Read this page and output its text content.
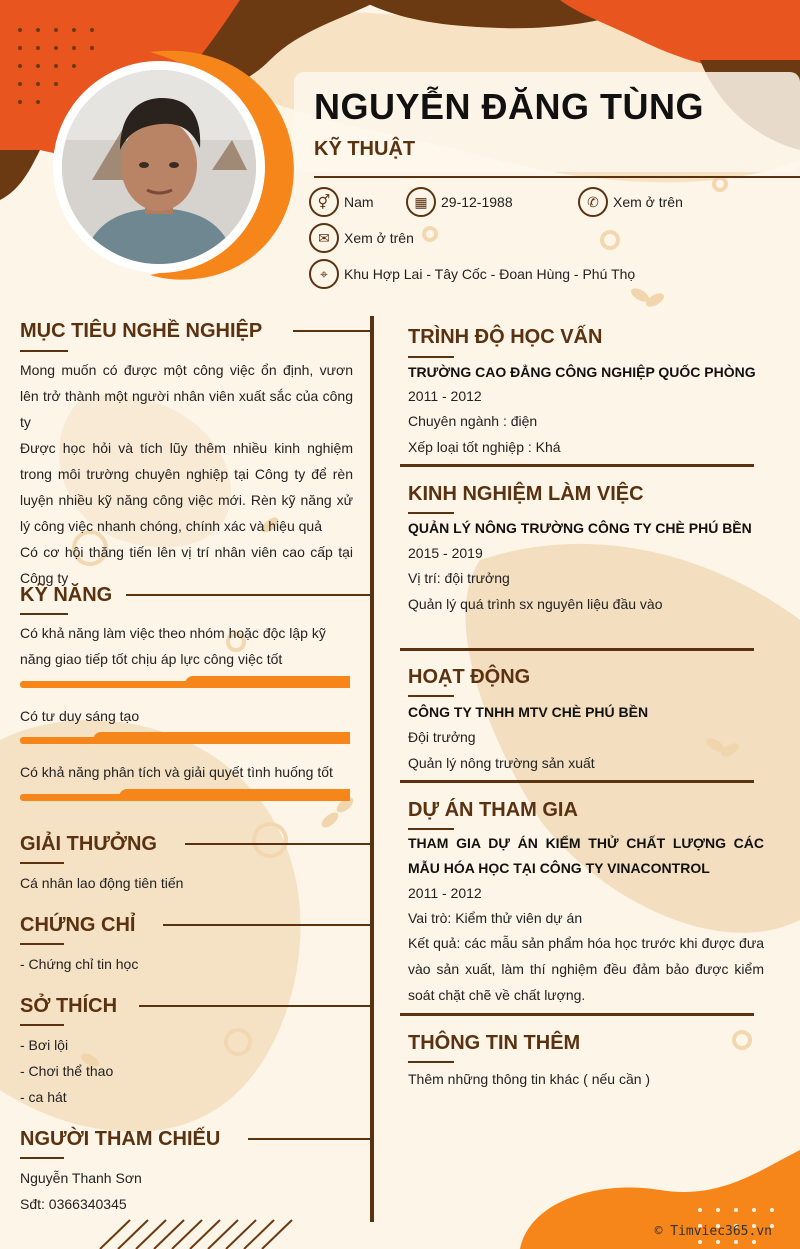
NGUYỄN ĐĂNG TÙNG
KỸ THUẬT
⚥ Nam	▦ 29-12-1988	✆	Xem ở trên
✉	Xem ở trên
⌖	Khu Hợp Lai - Tây Cốc - Đoan Hùng - Phú Thọ
MỤC TIÊU NGHỀ NGHIỆP

Mong muốn có được một công việc ổn định, vươn lên trở thành một người nhân viên xuất sắc của công ty

Được học hỏi và tích lũy thêm nhiều kinh nghiệm trong môi trường chuyên nghiệp tại Công ty để rèn luyện nhiều kỹ năng công việc mới. Rèn kỹ năng xử lý công việc nhanh chóng, chính xác và hiệu quả

Có cơ hội thăng tiến lên vị trí nhân viên cao cấp tại Công ty

KỸ NĂNG
Có khả năng làm việc theo nhóm hoặc độc lập kỹ năng giao tiếp tốt chịu áp lực công việc tốt
Có tư duy sáng tạo
Có khả năng phân tích và giải quyết tình huống tốt
GIẢI THƯỞNG
Cá nhân lao động tiên tiến
CHỨNG CHỈ
- Chứng chỉ tin học
SỞ THÍCH
- Bơi lội
- Chơi thể thao
- ca hát
NGƯỜI THAM CHIẾU
Nguyễn Thanh Sơn
Sđt: 0366340345
TRÌNH ĐỘ HỌC VẤN
TRƯỜNG CAO ĐẲNG CÔNG NGHIỆP QUỐC PHÒNG
2011 - 2012
Chuyên ngành : điện
Xếp loại tốt nghiệp : Khá
KINH NGHIỆM LÀM VIỆC
QUẢN LÝ NÔNG TRƯỜNG CÔNG TY CHÈ PHÚ BỀN
2015 - 2019
Vị trí: đội trưởng
Quản lý quá trình sx nguyên liệu đầu vào
HOẠT ĐỘNG
CÔNG TY TNHH MTV CHÈ PHÚ BỀN
Đội trưởng
Quản lý nông trường sản xuất
DỰ ÁN THAM GIA
THAM GIA DỰ ÁN KIỂM THỬ CHẤT LƯỢNG CÁC MẪU HÓA HỌC TẠI CÔNG TY VINACONTROL
2011 - 2012
Vai trò: Kiểm thử viên dự án
Kết quả: các mẫu sản phẩm hóa học trước khi được đưa vào sản xuất, làm thí nghiệm đều đảm bảo được kiểm soát chặt chẽ về chất lượng.
THÔNG TIN THÊM
Thêm những thông tin khác ( nếu cần )
© Timviec365.vn
